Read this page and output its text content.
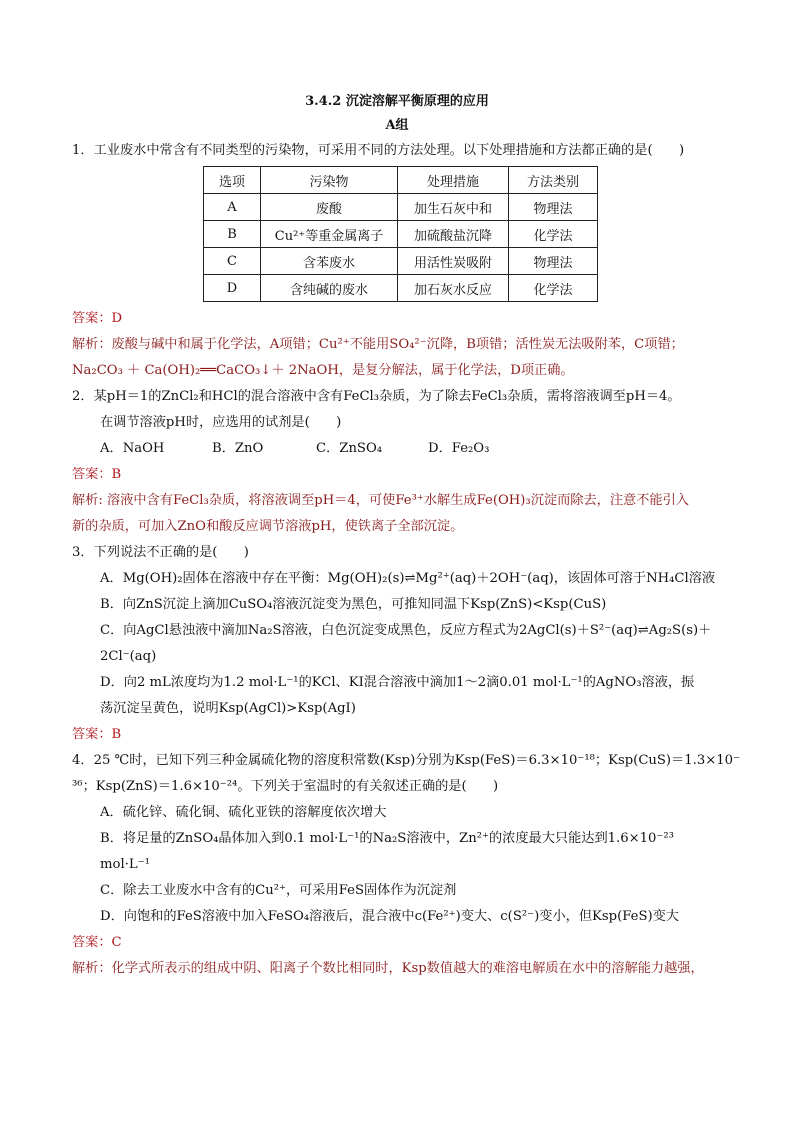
3.4.2 沉淀溶解平衡原理的应用
A组
1．工业废水中常含有不同类型的污染物，可采用不同的方法处理。以下处理措施和方法都正确的是(　　)
选项	污染物	处理措施	方法类别
A	废酸	加生石灰中和	物理法
B	Cu²⁺等重金属离子	加硫酸盐沉降	化学法
C	含苯废水	用活性炭吸附	物理法
D	含纯碱的废水	加石灰水反应	化学法
答案：D
解析：废酸与碱中和属于化学法，A项错；Cu²⁺不能用SO₄²⁻沉降，B项错；活性炭无法吸附苯，C项错；
Na₂CO₃ ＋ Ca(OH)₂══CaCO₃↓＋ 2NaOH，是复分解法，属于化学法，D项正确。
2．某pH＝1的ZnCl₂和HCl的混合溶液中含有FeCl₃杂质，为了除去FeCl₃杂质，需将溶液调至pH＝4。
在调节溶液pH时，应选用的试剂是(　　)
A．NaOH	B．ZnO	C．ZnSO₄	D．Fe₂O₃
答案：B
解析: 溶液中含有FeCl₃杂质，将溶液调至pH＝4，可使Fe³⁺水解生成Fe(OH)₃沉淀而除去，注意不能引入
新的杂质，可加入ZnO和酸反应调节溶液pH，使铁离子全部沉淀。
3．下列说法不正确的是(　　)
A．Mg(OH)₂固体在溶液中存在平衡：Mg(OH)₂(s)⇌Mg²⁺(aq)＋2OH⁻(aq)，该固体可溶于NH₄Cl溶液
B．向ZnS沉淀上滴加CuSO₄溶液沉淀变为黑色，可推知同温下Ksp(ZnS)<Ksp(CuS)
C．向AgCl悬浊液中滴加Na₂S溶液，白色沉淀变成黑色，反应方程式为2AgCl(s)＋S²⁻(aq)⇌Ag₂S(s)＋
2Cl⁻(aq)
D．向2 mL浓度均为1.2 mol·L⁻¹的KCl、KI混合溶液中滴加1～2滴0.01 mol·L⁻¹的AgNO₃溶液，振
荡沉淀呈黄色，说明Ksp(AgCl)>Ksp(AgI)
答案：B
4．25 ℃时，已知下列三种金属硫化物的溶度积常数(Ksp)分别为Ksp(FeS)＝6.3×10⁻¹⁸；Ksp(CuS)＝1.3×10⁻
³⁶；Ksp(ZnS)＝1.6×10⁻²⁴。下列关于室温时的有关叙述正确的是(　　)
A．硫化锌、硫化铜、硫化亚铁的溶解度依次增大
B．将足量的ZnSO₄晶体加入到0.1 mol·L⁻¹的Na₂S溶液中，Zn²⁺的浓度最大只能达到1.6×10⁻²³
mol·L⁻¹
C．除去工业废水中含有的Cu²⁺，可采用FeS固体作为沉淀剂
D．向饱和的FeS溶液中加入FeSO₄溶液后，混合液中c(Fe²⁺)变大、c(S²⁻)变小，但Ksp(FeS)变大
答案：C
解析：化学式所表示的组成中阴、阳离子个数比相同时，Ksp数值越大的难溶电解质在水中的溶解能力越强，
